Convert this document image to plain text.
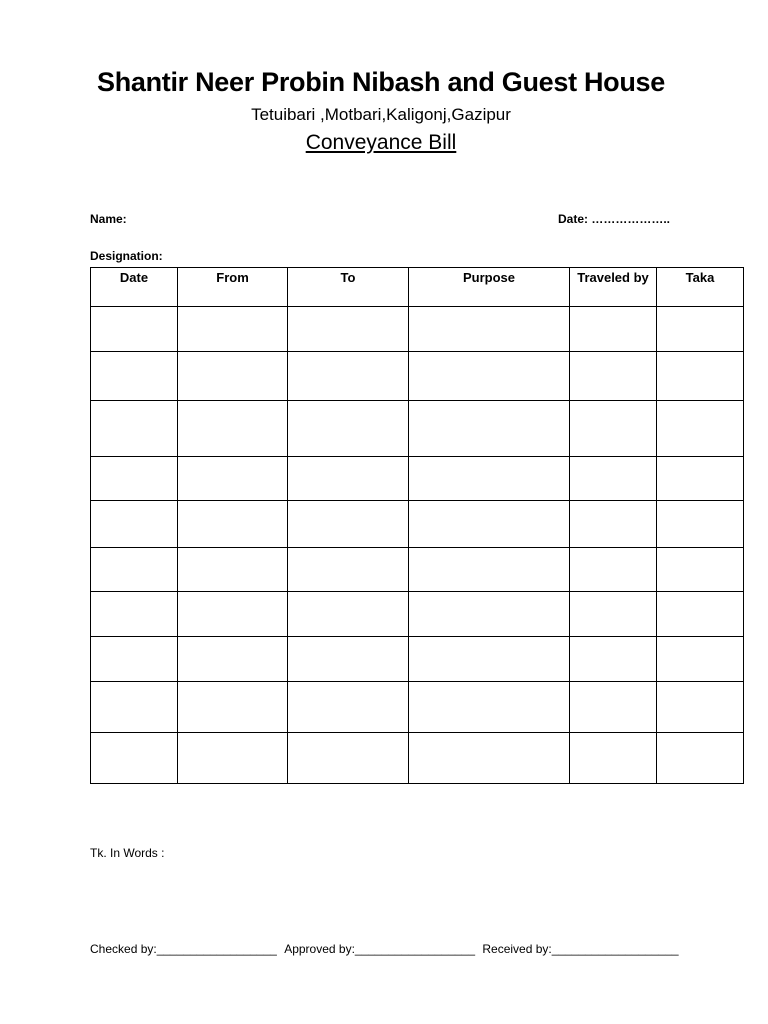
Shantir Neer Probin Nibash and Guest House
Tetuibari ,Motbari,Kaligonj,Gazipur
Conveyance Bill
Name:	Date: ………………..
Designation:
Date	From	To	Purpose	Traveled by	Taka

Tk. In Words :
Checked by:__________________ Approved by:__________________ Received by:___________________
